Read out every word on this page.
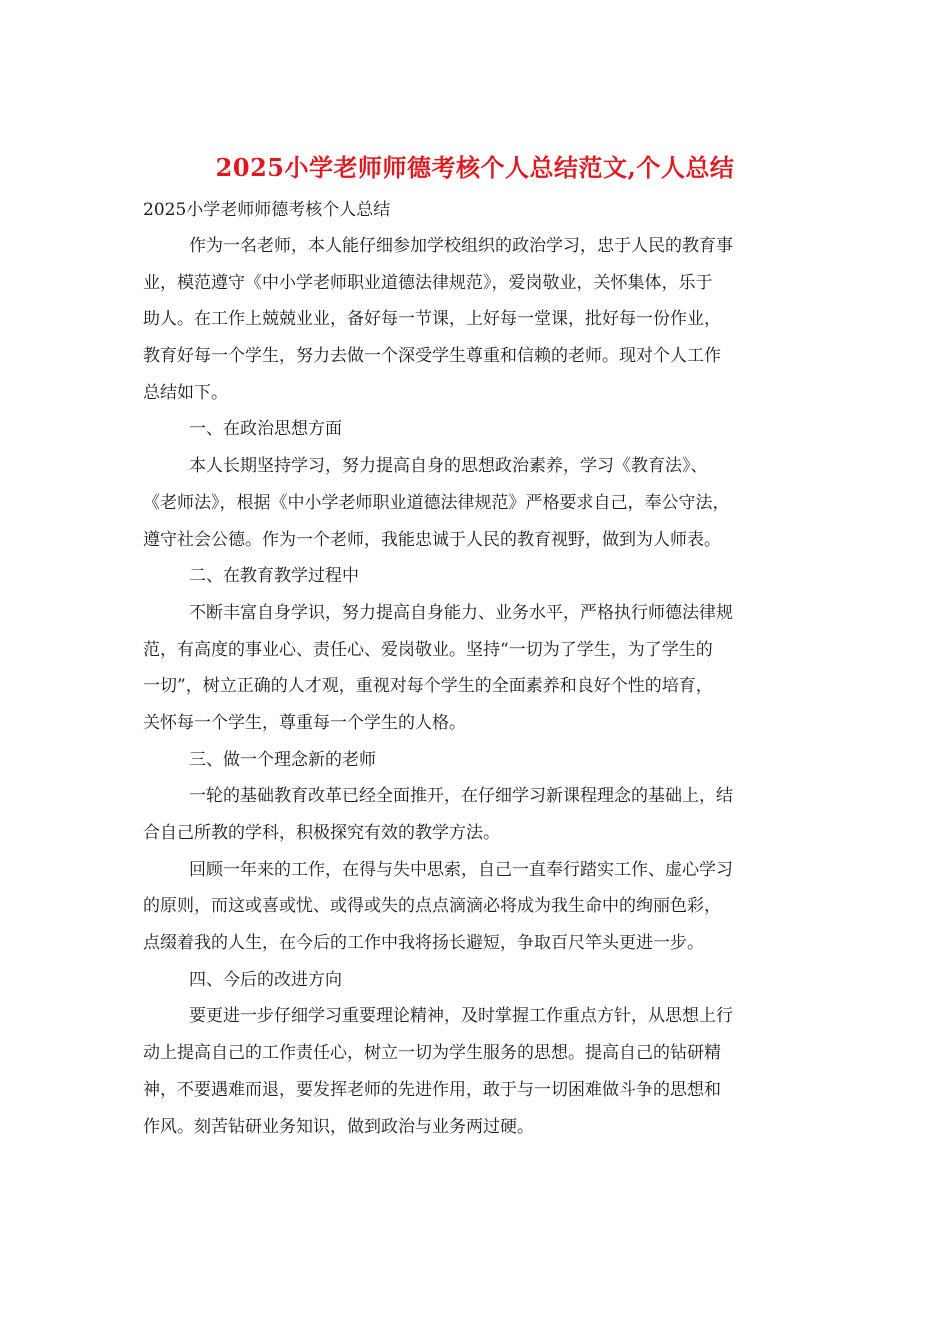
2025小学老师师德考核个人总结范文,个人总结
2025小学老师师德考核个人总结
作为一名老师，本人能仔细参加学校组织的政治学习，忠于人民的教育事
业，模范遵守《中小学老师职业道德法律规范》，爱岗敬业，关怀集体，乐于
助人。在工作上兢兢业业，备好每一节课，上好每一堂课，批好每一份作业，
教育好每一个学生，努力去做一个深受学生尊重和信赖的老师。现对个人工作
总结如下。
一、在政治思想方面
本人长期坚持学习，努力提高自身的思想政治素养，学习《教育法》、
《老师法》，根据《中小学老师职业道德法律规范》严格要求自己，奉公守法，
遵守社会公德。作为一个老师，我能忠诚于人民的教育视野，做到为人师表。
二、在教育教学过程中
不断丰富自身学识，努力提高自身能力、业务水平，严格执行师德法律规
范，有高度的事业心、责任心、爱岗敬业。坚持“一切为了学生，为了学生的
一切”，树立正确的人才观，重视对每个学生的全面素养和良好个性的培育，
关怀每一个学生，尊重每一个学生的人格。
三、做一个理念新的老师
一轮的基础教育改革已经全面推开，在仔细学习新课程理念的基础上，结
合自己所教的学科，积极探究有效的教学方法。
回顾一年来的工作，在得与失中思索，自己一直奉行踏实工作、虚心学习
的原则，而这或喜或忧、或得或失的点点滴滴必将成为我生命中的绚丽色彩，
点缀着我的人生，在今后的工作中我将扬长避短，争取百尺竿头更进一步。
四、今后的改进方向
要更进一步仔细学习重要理论精神，及时掌握工作重点方针，从思想上行
动上提高自己的工作责任心，树立一切为学生服务的思想。提高自己的钻研精
神，不要遇难而退，要发挥老师的先进作用，敢于与一切困难做斗争的思想和
作风。刻苦钻研业务知识，做到政治与业务两过硬。
